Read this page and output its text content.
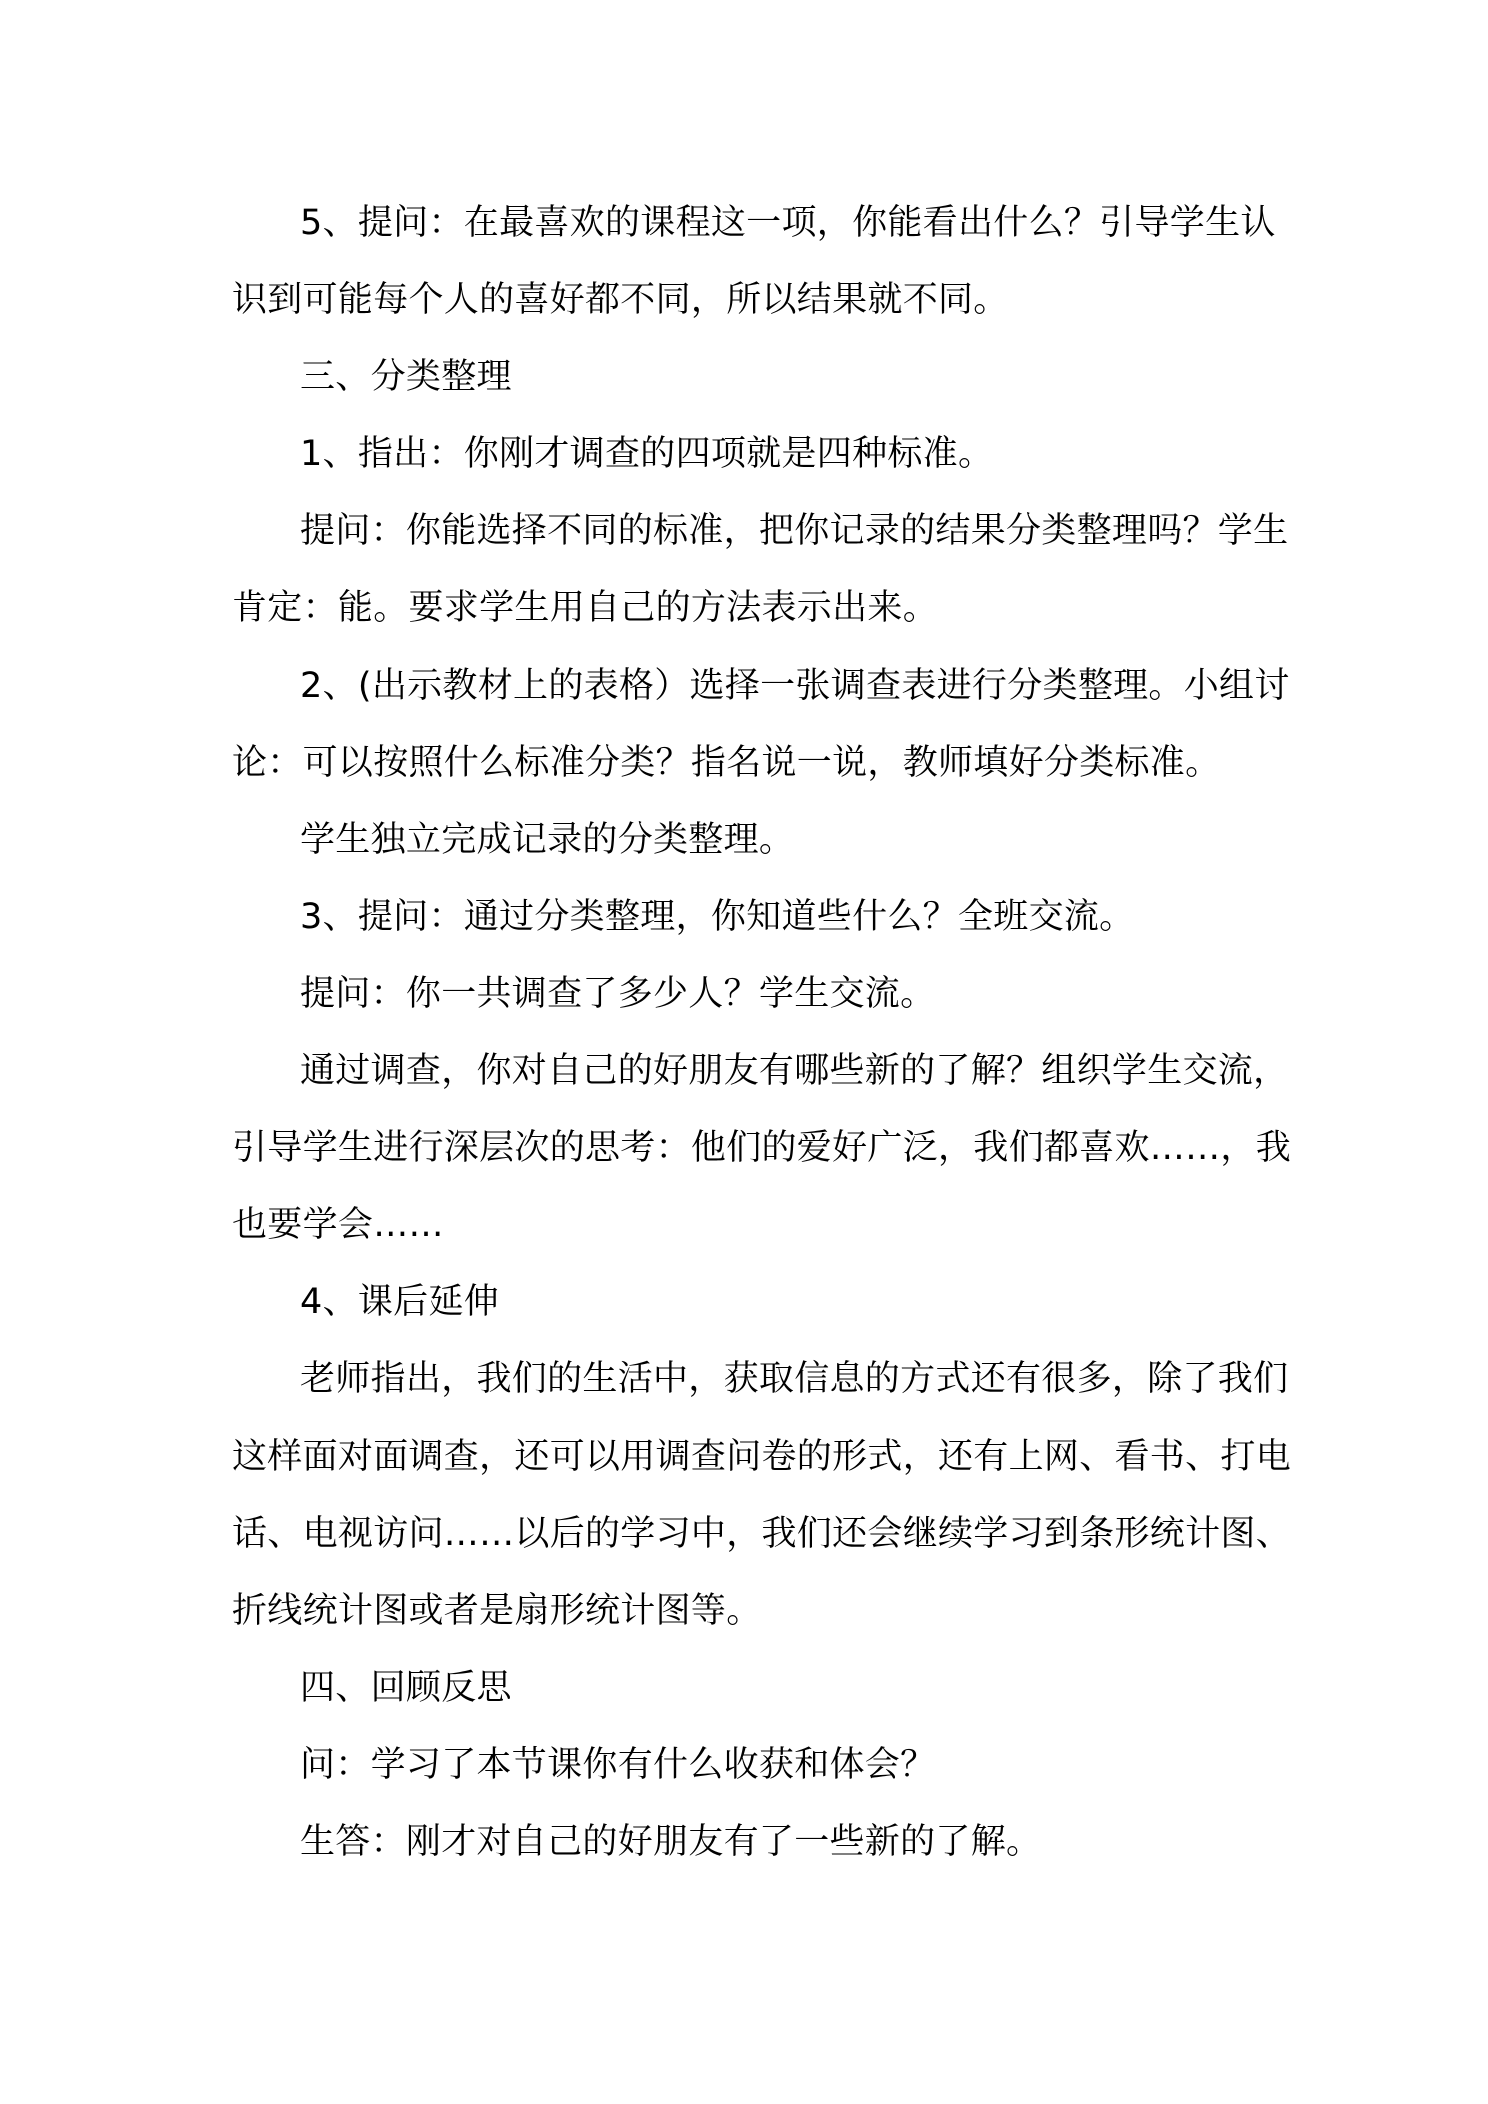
5、提问：在最喜欢的课程这一项，你能看出什么？引导学生认
识到可能每个人的喜好都不同，所以结果就不同。
三、分类整理
1、指出：你刚才调查的四项就是四种标准。
提问：你能选择不同的标准，把你记录的结果分类整理吗？学生
肯定：能。要求学生用自己的方法表示出来。
2、(出示教材上的表格）选择一张调查表进行分类整理。小组讨
论：可以按照什么标准分类？指名说一说，教师填好分类标准。
学生独立完成记录的分类整理。
3、提问：通过分类整理，你知道些什么？全班交流。
提问：你一共调查了多少人？学生交流。
通过调查，你对自己的好朋友有哪些新的了解？组织学生交流，
引导学生进行深层次的思考：他们的爱好广泛，我们都喜欢……，我
也要学会……
4、课后延伸
老师指出，我们的生活中，获取信息的方式还有很多，除了我们
这样面对面调查，还可以用调查问卷的形式，还有上网、看书、打电
话、电视访问……以后的学习中，我们还会继续学习到条形统计图、
折线统计图或者是扇形统计图等。
四、回顾反思
问：学习了本节课你有什么收获和体会？
生答：刚才对自己的好朋友有了一些新的了解。
